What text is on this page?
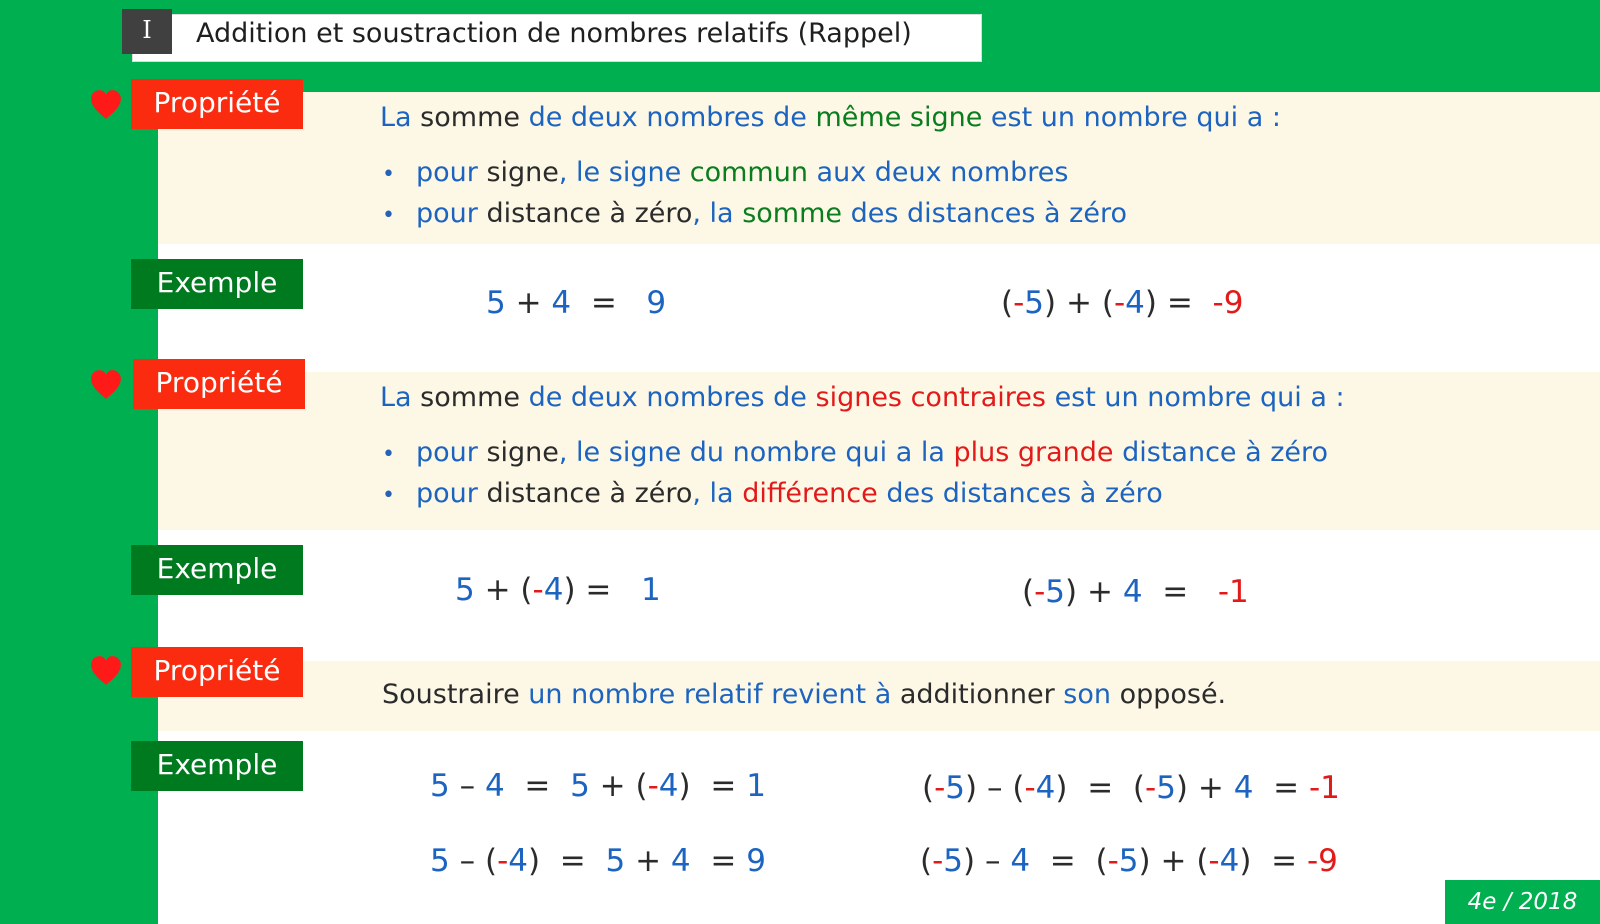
I	Addition et soustraction de nombres relatifs (Rappel)
Propriété	La somme de deux nombres de même signe est un nombre qui a :
• pour signe, le signe commun aux deux nombres
• pour distance à zéro, la somme des distances à zéro
Exemple
5 + 4  =   9	(-5) + (-4) =  -9
Propriété	La somme de deux nombres de signes contraires est un nombre qui a :
• pour signe, le signe du nombre qui a la plus grande distance à zéro
• pour distance à zéro, la différence des distances à zéro
Exemple
5 + (-4) =   1	(-5) + 4  =   -1
Propriété
Soustraire un nombre relatif revient à additionner son opposé.
Exemple
5 – 4  =  5 + (-4)  = 1	(-5) – (-4)  =  (-5) + 4  = -1
5 – (-4)  =  5 + 4  = 9	(-5) – 4  =  (-5) + (-4)  = -9
4e / 2018
